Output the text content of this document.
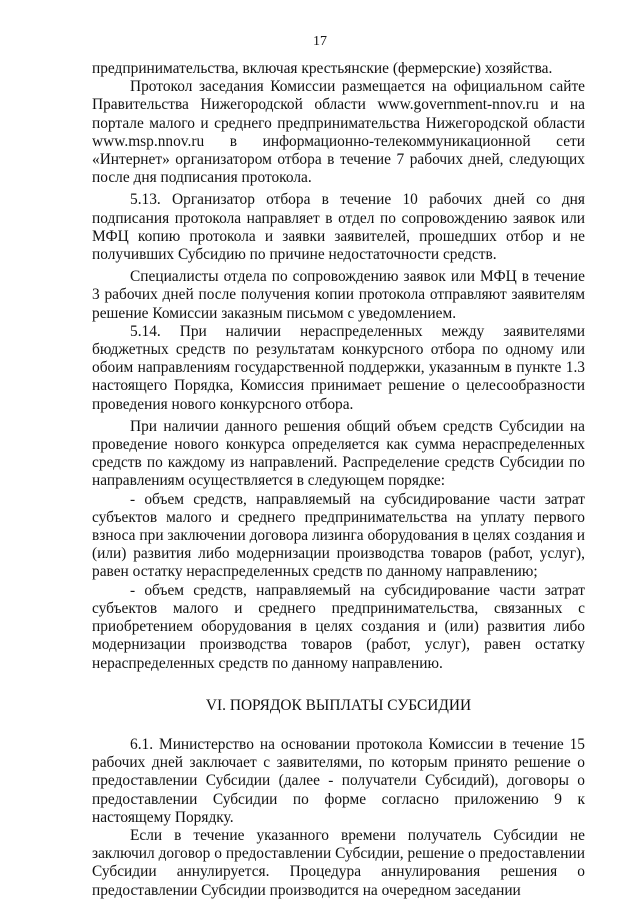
17

предпринимательства, включая крестьянские (фермерские) хозяйства.

Протокол заседания Комиссии размещается на официальном сайте Правительства Нижегородской области www.government-nnov.ru и на портале малого и среднего предпринимательства Нижегородской области www.msp.nnov.ru в информационно-телекоммуникационной сети «Интернет» организатором отбора в течение 7 рабочих дней, следующих после дня подписания протокола.

5.13. Организатор отбора в течение 10 рабочих дней со дня подписания протокола направляет в отдел по сопровождению заявок или МФЦ копию протокола и заявки заявителей, прошедших отбор и не получивших Субсидию по причине недостаточности средств.

Специалисты отдела по сопровождению заявок или МФЦ в течение 3 рабочих дней после получения копии протокола отправляют заявителям решение Комиссии заказным письмом с уведомлением.

5.14. При наличии нераспределенных между заявителями бюджетных средств по результатам конкурсного отбора по одному или обоим направлениям государственной поддержки, указанным в пункте 1.3 настоящего Порядка, Комиссия принимает решение о целесообразности проведения нового конкурсного отбора.

При наличии данного решения общий объем средств Субсидии на проведение нового конкурса определяется как сумма нераспределенных средств по каждому из направлений. Распределение средств Субсидии по направлениям осуществляется в следующем порядке:

- объем средств, направляемый на субсидирование части затрат субъектов малого и среднего предпринимательства на уплату первого взноса при заключении договора лизинга оборудования в целях создания и (или) развития либо модернизации производства товаров (работ, услуг), равен остатку нераспределенных средств по данному направлению;

- объем средств, направляемый на субсидирование части затрат субъектов малого и среднего предпринимательства, связанных с приобретением оборудования в целях создания и (или) развития либо модернизации производства товаров (работ, услуг), равен остатку нераспределенных средств по данному направлению.

VI. ПОРЯДОК ВЫПЛАТЫ СУБСИДИИ

6.1. Министерство на основании протокола Комиссии в течение 15 рабочих дней заключает с заявителями, по которым принято решение о предоставлении Субсидии (далее - получатели Субсидий), договоры о предоставлении Субсидии по форме согласно приложению 9 к настоящему Порядку.

Если в течение указанного времени получатель Субсидии не заключил договор о предоставлении Субсидии, решение о предоставлении Субсидии аннулируется. Процедура аннулирования решения о предоставлении Субсидии производится на очередном заседании
